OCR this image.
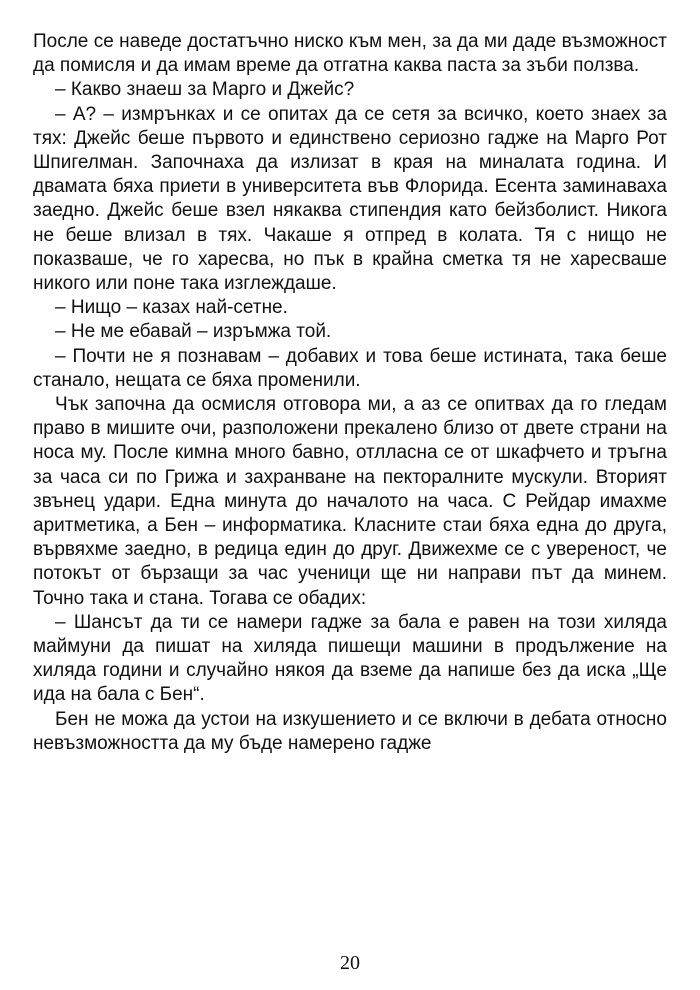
После се наведе достатъчно ниско към мен, за да ми даде възможност да помисля и да имам време да отгатна каква паста за зъби ползва.

– Какво знаеш за Марго и Джейс?

– А? – измрънках и се опитах да се сетя за всичко, което знаех за тях: Джейс беше първото и единствено сериозно гадже на Марго Рот Шпигелман. Започнаха да излизат в края на миналата година. И двамата бяха приети в университета във Флорида. Есента заминаваха заедно. Джейс беше взел някаква стипендия като бейзболист. Никога не беше влизал в тях. Чакаше я отпред в колата. Тя с нищо не показваше, че го харесва, но пък в крайна сметка тя не харесваше никого или поне така изглеждаше.

– Нищо – казах най-сетне.

– Не ме ебавай – изръмжа той.

– Почти не я познавам – добавих и това беше истината, така беше станало, нещата се бяха променили.

Чък започна да осмисля отговора ми, а аз се опитвах да го гледам право в мишите очи, разположени прекалено близо от двете страни на носа му. После кимна много бавно, отлласна се от шкафчето и тръгна за часа си по Грижа и захранване на пекторалните мускули. Вторият звънец удари. Една минута до началото на часа. С Рейдар имахме аритметика, а Бен – информатика. Класните стаи бяха една до друга, вървяхме заедно, в редица един до друг. Движехме се с увереност, че потокът от бързащи за час ученици ще ни направи път да минем. Точно така и стана. Тогава се обадих:

– Шансът да ти се намери гадже за бала е равен на този хиляда маймуни да пишат на хиляда пишещи машини в продължение на хиляда години и случайно някоя да вземе да напише без да иска „Ще ида на бала с Бен“.

Бен не можа да устои на изкушението и се включи в дебата относно невъзможността да му бъде намерено гадже

20
